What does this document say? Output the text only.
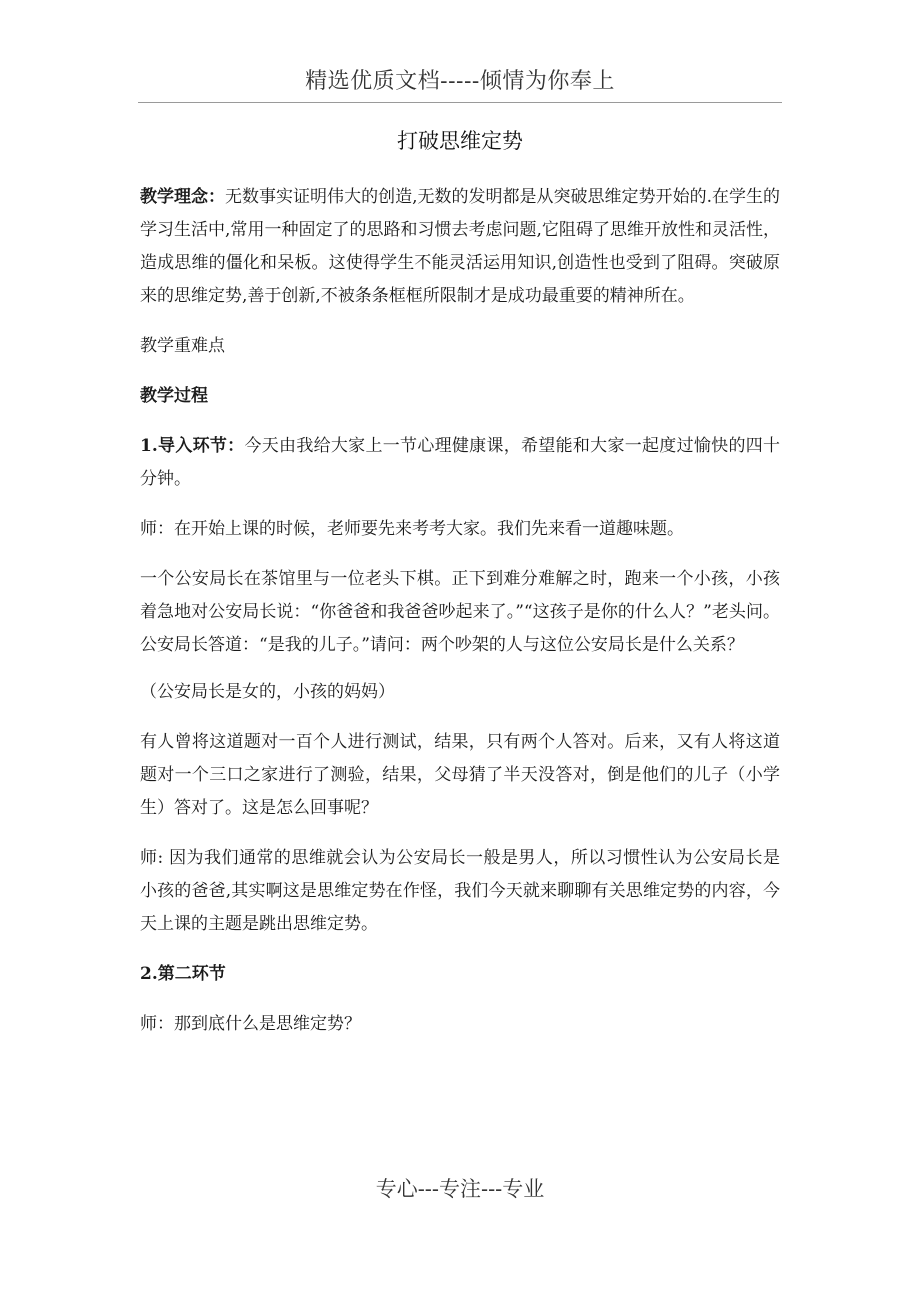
精选优质文档-----倾情为你奉上
打破思维定势

教学理念：无数事实证明伟大的创造,无数的发明都是从突破思维定势开始的.在学生的学习生活中,常用一种固定了的思路和习惯去考虑问题,它阻碍了思维开放性和灵活性，造成思维的僵化和呆板。这使得学生不能灵活运用知识,创造性也受到了阻碍。突破原来的思维定势,善于创新,不被条条框框所限制才是成功最重要的精神所在。

教学重难点

教学过程

1.导入环节：今天由我给大家上一节心理健康课，希望能和大家一起度过愉快的四十分钟。

师：在开始上课的时候，老师要先来考考大家。我们先来看一道趣味题。

一个公安局长在茶馆里与一位老头下棋。正下到难分难解之时，跑来一个小孩，小孩着急地对公安局长说：“你爸爸和我爸爸吵起来了。”“这孩子是你的什么人？”老头问。公安局长答道：“是我的儿子。”请问：两个吵架的人与这位公安局长是什么关系？

（公安局长是女的，小孩的妈妈）

有人曾将这道题对一百个人进行测试，结果，只有两个人答对。后来，又有人将这道题对一个三口之家进行了测验，结果，父母猜了半天没答对，倒是他们的儿子（小学生）答对了。这是怎么回事呢？

师: 因为我们通常的思维就会认为公安局长一般是男人，所以习惯性认为公安局长是小孩的爸爸,其实啊这是思维定势在作怪，我们今天就来聊聊有关思维定势的内容，今天上课的主题是跳出思维定势。

2.第二环节

师：那到底什么是思维定势？

专心---专注---专业
